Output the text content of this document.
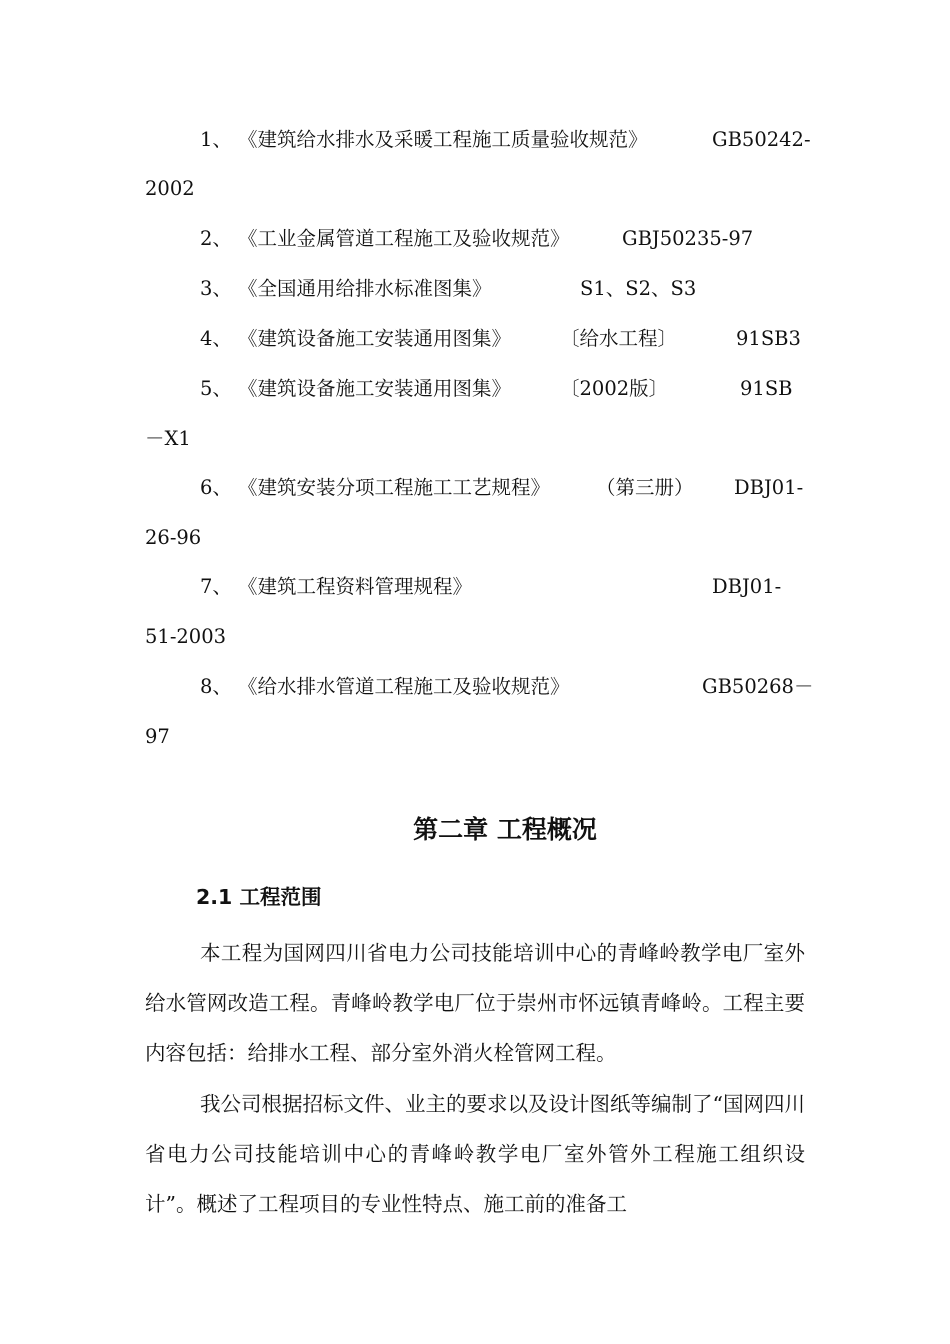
1、 《建筑给水排水及采暖工程施工质量验收规范》	GB50242-
2002
2、 《工业金属管道工程施工及验收规范》	GBJ50235-97
3、 《全国通用给排水标准图集》	S1、S2、S3
4、 《建筑设备施工安装通用图集》	〔给水工程〕	91SB3
5、 《建筑设备施工安装通用图集》	〔2002版〕	91SB
－X1
6、 《建筑安装分项工程施工工艺规程》 （第三册） DBJ01-
26-96
7、 《建筑工程资料管理规程》	DBJ01-
51-2003
8、 《给水排水管道工程施工及验收规范》	GB50268－
97
第二章 工程概况
2.1 工程范围

本工程为国网四川省电力公司技能培训中心的青峰岭教学电厂室外给水管网改造工程。青峰岭教学电厂位于崇州市怀远镇青峰岭。工程主要内容包括：给排水工程、部分室外消火栓管网工程。

我公司根据招标文件、业主的要求以及设计图纸等编制了“国网四川省电力公司技能培训中心的青峰岭教学电厂室外管外工程施工组织设计”。概述了工程项目的专业性特点、施工前的准备工
